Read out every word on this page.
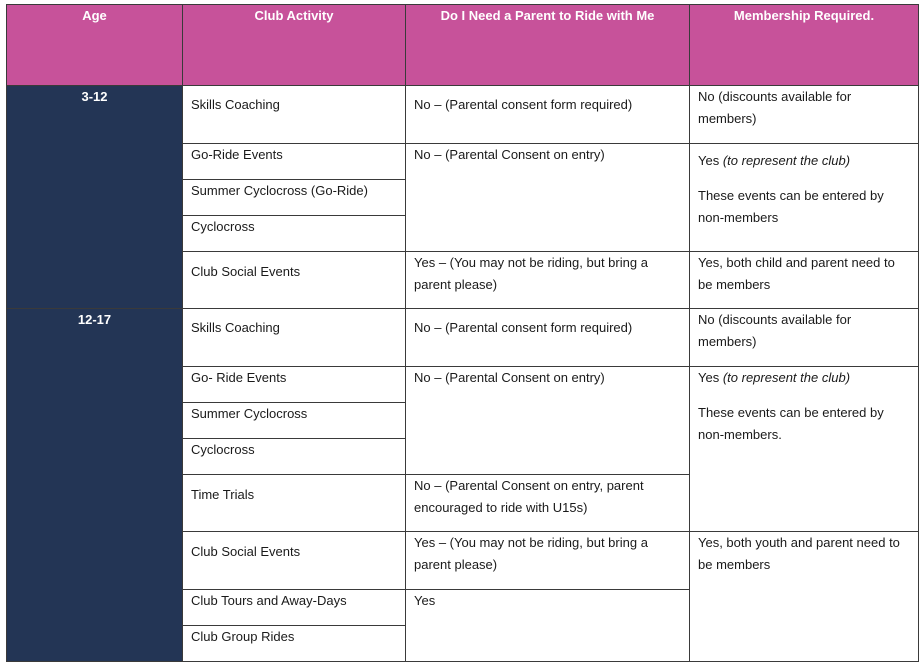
Age	Club Activity	Do I Need a Parent to Ride with Me	Membership Required.
3-12	Skills Coaching	No – (Parental consent form required)	No (discounts available for members)

	Go-Ride Events	No – (Parental Consent on entry)	Yes (to represent the club)
These events can be entered by non-members

	Summer Cyclocross (Go-Ride)		

	Cyclocross		

	Club Social Events	Yes – (You may not be riding, but bring a parent please)	Yes, both child and parent need to be members

12-17	Skills Coaching	No – (Parental consent form required)	No (discounts available for members)

	Go- Ride Events	No – (Parental Consent on entry)	Yes (to represent the club)
These events can be entered by non-members.

	Summer Cyclocross		

	Cyclocross		

	Time Trials	No – (Parental Consent on entry, parent encouraged to ride with U15s)	

	Club Social Events	Yes – (You may not be riding, but bring a parent please)	Yes, both youth and parent need to be members

	Club Tours and Away-Days	Yes	

	Club Group Rides		
